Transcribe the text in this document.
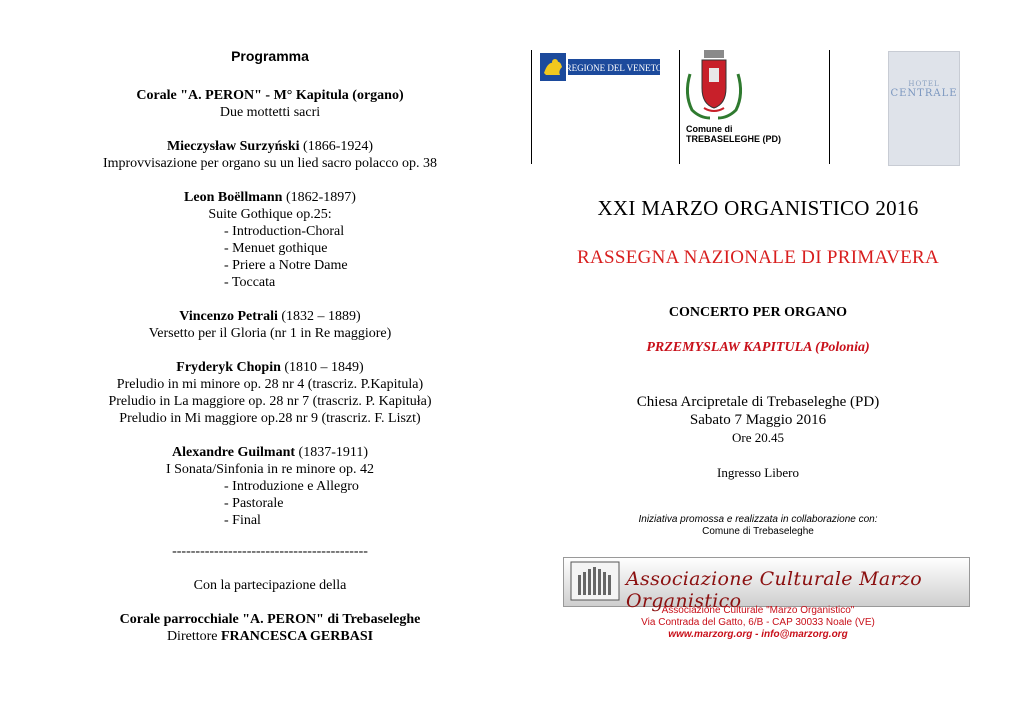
Programma
Corale "A. PERON" - M° Kapitula (organo)
Due mottetti sacri
Mieczysław Surzyński (1866-1924)
Improvvisazione per organo su un lied sacro polacco op. 38
Leon Boëllmann (1862-1897)
Suite Gothique op.25:
- Introduction-Choral
- Menuet gothique
- Priere a Notre Dame
- Toccata
Vincenzo Petrali (1832 – 1889)
Versetto per il Gloria (nr 1 in Re maggiore)
Fryderyk Chopin (1810 – 1849)
Preludio in mi minore op. 28 nr 4 (trascriz. P.Kapitula)
Preludio in La maggiore op. 28 nr 7 (trascriz. P. Kapituła)
Preludio in Mi maggiore op.28 nr 9 (trascriz. F. Liszt)
Alexandre Guilmant (1837-1911)
I Sonata/Sinfonia in re minore op. 42
- Introduzione e Allegro
- Pastorale
- Final
------------------------------------------
Con la partecipazione della
Corale parrocchiale "A. PERON" di Trebaseleghe
Direttore FRANCESCA GERBASI
REGIONE DEL VENETO
Comune di
TREBASELEGHE (PD)
HOTEL
CENTRALE
XXI MARZO ORGANISTICO 2016
RASSEGNA NAZIONALE DI PRIMAVERA
CONCERTO PER ORGANO
PRZEMYSLAW KAPITULA (Polonia)
Chiesa Arcipretale di Trebaseleghe (PD)
Sabato 7 Maggio 2016
Ore 20.45
Ingresso Libero
Iniziativa promossa e realizzata in collaborazione con:
Comune di Trebaseleghe
Associazione Culturale Marzo Organistico
Associazione Culturale "Marzo Organistico"
Via Contrada del Gatto, 6/B - CAP 30033 Noale (VE)
www.marzorg.org - info@marzorg.org
